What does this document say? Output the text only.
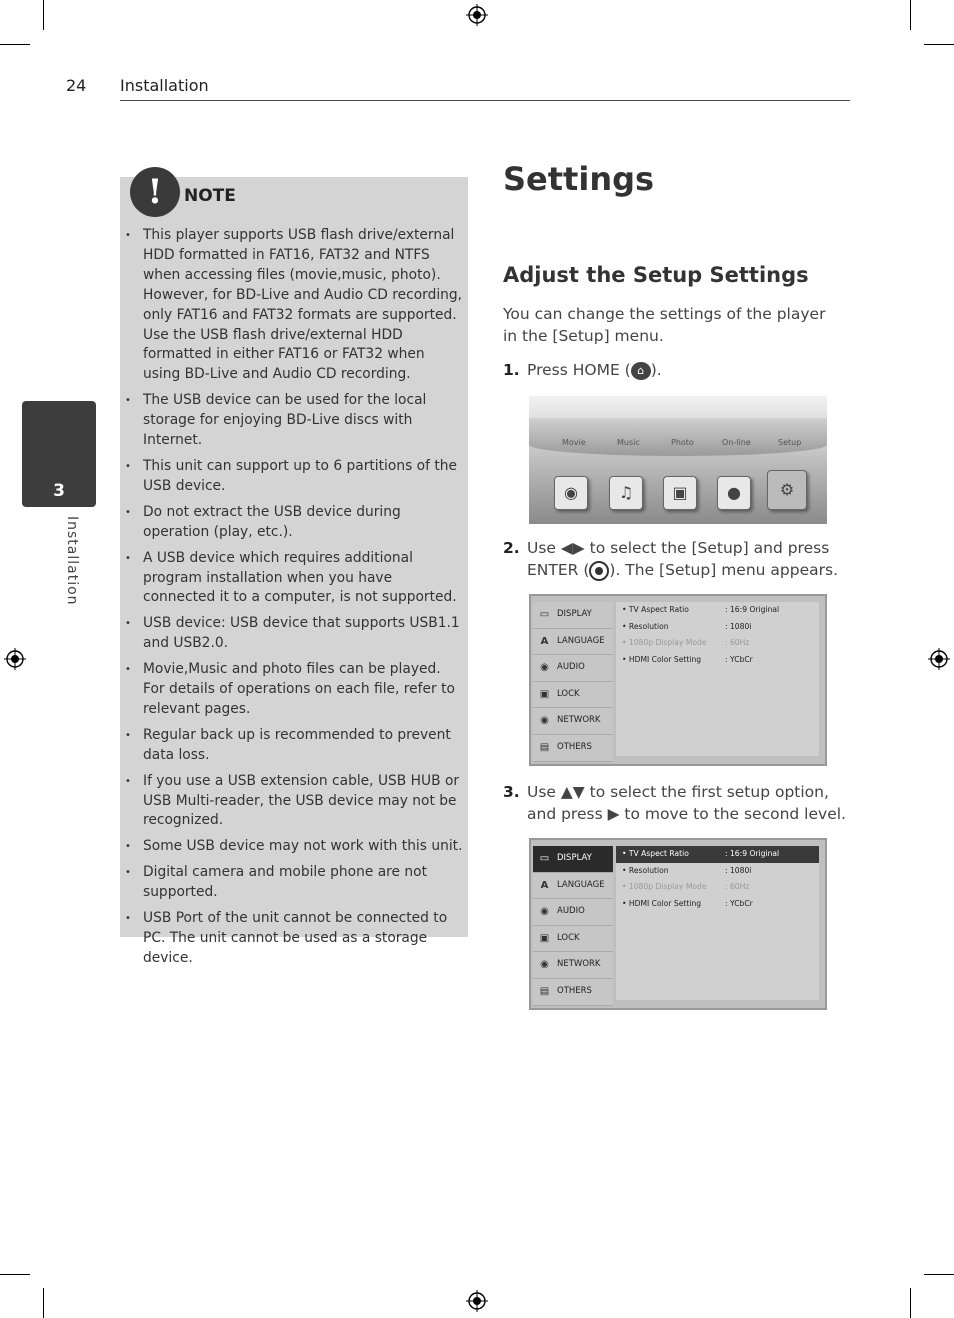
24 Installation
3
Installation
!	NOTE
• This player supports USB flash drive/external HDD formatted in FAT16, FAT32 and NTFS when accessing files (movie,music, photo). However, for BD-Live and Audio CD recording, only FAT16 and FAT32 formats are supported. Use the USB flash drive/external HDD formatted in either FAT16 or FAT32 when using BD-Live and Audio CD recording.
• The USB device can be used for the local storage for enjoying BD-Live discs with Internet.
• This unit can support up to 6 partitions of the USB device.
• Do not extract the USB device during operation (play, etc.).
• A USB device which requires additional program installation when you have connected it to a computer, is not supported.
• USB device: USB device that supports USB1.1 and USB2.0.
• Movie,Music and photo files can be played. For details of operations on each file, refer to relevant pages.
• Regular back up is recommended to prevent data loss.
• If you use a USB extension cable, USB HUB or USB Multi-reader, the USB device may not be recognized.
• Some USB device may not work with this unit.
• Digital camera and mobile phone are not supported.
• USB Port of the unit cannot be connected to PC. The unit cannot be used as a storage device.
Settings
Adjust the Setup Settings
You can change the settings of the player in the [Setup] menu.
1. Press HOME ( ⌂ ).
Movie	Music	Photo	On-line	Setup
◉	♫	▣	●	⚙
2. Use ◀▶ to select the [Setup] and press ENTER ( ). The [Setup] menu appears.
▭ DISPLAY
A	LANGUAGE
◉ AUDIO
▣ LOCK
◉ NETWORK
▤ OTHERS
• TV Aspect Ratio	: 16:9 Original
• Resolution	: 1080i
• 1080p Display Mode : 60Hz
• HDMI Color Setting	: YCbCr
3. Use ▲▼ to select the first setup option, and press ▶ to move to the second level.
▭ DISPLAY
A	LANGUAGE
◉ AUDIO
▣ LOCK
◉ NETWORK
▤ OTHERS
• TV Aspect Ratio	: 16:9 Original
• Resolution	: 1080i
• 1080p Display Mode : 60Hz
• HDMI Color Setting	: YCbCr
